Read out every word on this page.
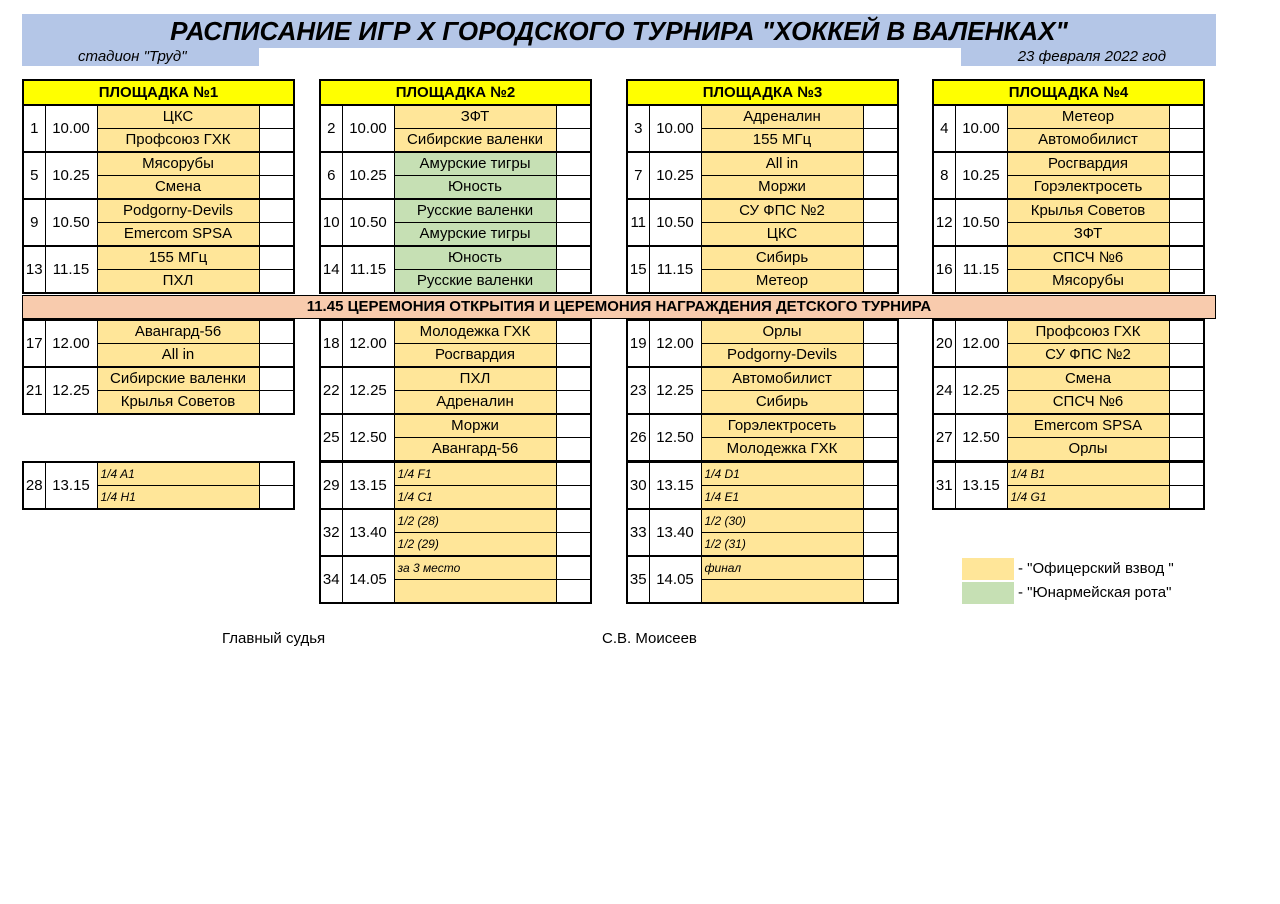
РАСПИСАНИЕ ИГР Х ГОРОДСКОГО ТУРНИРА "ХОККЕЙ В ВАЛЕНКАХ"
стадион "Труд"	23 февраля 2022 год
11.45 ЦЕРЕМОНИЯ ОТКРЫТИЯ И ЦЕРЕМОНИЯ НАГРАЖДЕНИЯ ДЕТСКОГО ТУРНИРА
Главный судья	С.В. Моисеев
- "Офицерский взвод "
- "Юнармейская рота"
ПЛОЩАДКА №1			
1	10.00	ЦКС	
		Профсоюз ГХК	
5	10.25	Мясорубы	
		Смена	
9	10.50	Podgorny-Devils	
		Emercom SPSA	
13	11.15	155 МГц	
		ПХЛ	
17	12.00	Авангард-56	
		All in	
21	12.25	Сибирские валенки	
		Крылья Советов	
28	13.15	1/4 A1	
		1/4 H1	
ПЛОЩАДКА №2			
2	10.00	ЗФТ	
		Сибирские валенки	
6	10.25	Амурские тигры	
		Юность	
10	10.50	Русские валенки	
		Амурские тигры	
14	11.15	Юность	
		Русские валенки	
18	12.00	Молодежка ГХК	
		Росгвардия	
22	12.25	ПХЛ	
		Адреналин	
25	12.50	Моржи	
		Авангард-56	
29	13.15	1/4 F1	
		1/4 C1	
32	13.40	1/2 (28)	
		1/2 (29)	
34	14.05	за 3 место	

ПЛОЩАДКА №3			
3	10.00	Адреналин	
		155 МГц	
7	10.25	All in	
		Моржи	
11	10.50	СУ ФПС №2	
		ЦКС	
15	11.15	Сибирь	
		Метеор	
19	12.00	Орлы	
		Podgorny-Devils	
23	12.25	Автомобилист	
		Сибирь	
26	12.50	Горэлектросеть	
		Молодежка ГХК	
30	13.15	1/4 D1	
		1/4 E1	
33	13.40	1/2 (30)	
		1/2 (31)	
35	14.05	финал	

ПЛОЩАДКА №4			
4	10.00	Метеор	
		Автомобилист	
8	10.25	Росгвардия	
		Горэлектросеть	
12	10.50	Крылья Советов	
		ЗФТ	
16	11.15	СПСЧ №6	
		Мясорубы	
20	12.00	Профсоюз ГХК	
		СУ ФПС №2	
24	12.25	Смена	
		СПСЧ №6	
27	12.50	Emercom SPSA	
		Орлы	
31	13.15	1/4 B1	
		1/4 G1	
